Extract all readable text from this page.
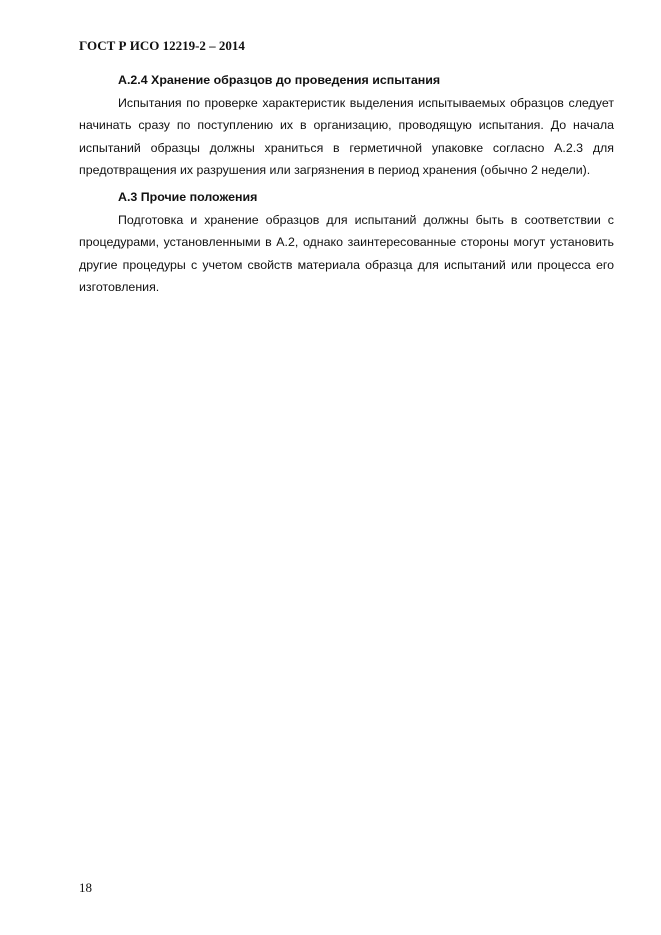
ГОСТ Р ИСО 12219-2 – 2014

А.2.4 Хранение образцов до проведения испытания

Испытания по проверке характеристик выделения испытываемых образцов следует начинать сразу по поступлению их в организацию, проводящую испытания. До начала испытаний образцы должны храниться в герметичной упаковке согласно А.2.3 для предотвращения их разрушения или загрязнения в период хранения (обычно 2 недели).

А.3 Прочие положения

Подготовка и хранение образцов для испытаний должны быть в соответствии с процедурами, установленными в А.2, однако заинтересованные стороны могут установить другие процедуры с учетом свойств материала образца для испытаний или процесса его изготовления.

18
